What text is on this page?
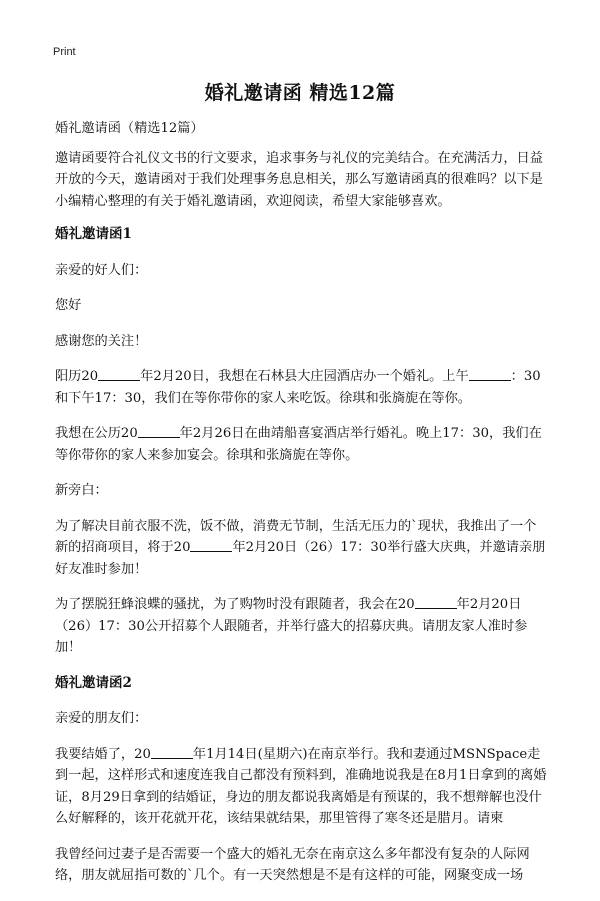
Print
婚礼邀请函 精选12篇

婚礼邀请函（精选12篇）

邀请函要符合礼仪文书的行文要求，追求事务与礼仪的完美结合。在充满活力，日益开放的今天，邀请函对于我们处理事务息息相关，那么写邀请函真的很难吗？以下是小编精心整理的有关于婚礼邀请函，欢迎阅读，希望大家能够喜欢。

婚礼邀请函1

亲爱的好人们：

您好

感谢您的关注！

阳历20	年2月20日，我想在石林县大庄园酒店办一个婚礼。上午	：30和下午17：30，我们在等你带你的家人来吃饭。徐琪和张旖旎在等你。

我想在公历20	年2月26日在曲靖船喜宴酒店举行婚礼。晚上17：30，我们在等你带你的家人来参加宴会。徐琪和张旖旎在等你。

新旁白：

为了解决目前衣服不洗，饭不做，消费无节制，生活无压力的`现状，我推出了一个新的招商项目，将于20	年2月20日（26）17：30举行盛大庆典，并邀请亲朋好友准时参加！

为了摆脱狂蜂浪蝶的骚扰，为了购物时没有跟随者，我会在20	年2月20日（26）17：30公开招募个人跟随者，并举行盛大的招募庆典。请朋友家人准时参加！

婚礼邀请函2

亲爱的朋友们：

我要结婚了，20	年1月14日(星期六)在南京举行。我和妻通过MSNSpace走到一起，这样形式和速度连我自己都没有预料到，准确地说我是在8月1日拿到的离婚证，8月29日拿到的结婚证，身边的朋友都说我离婚是有预谋的，我不想辩解也没什么好解释的，该开花就开花，该结果就结果，那里管得了寒冬还是腊月。请柬

我曾经问过妻子是否需要一个盛大的婚礼无奈在南京这么多年都没有复杂的人际网络，朋友就屈指可数的`几个。有一天突然想是不是有这样的可能，网聚变成一场
